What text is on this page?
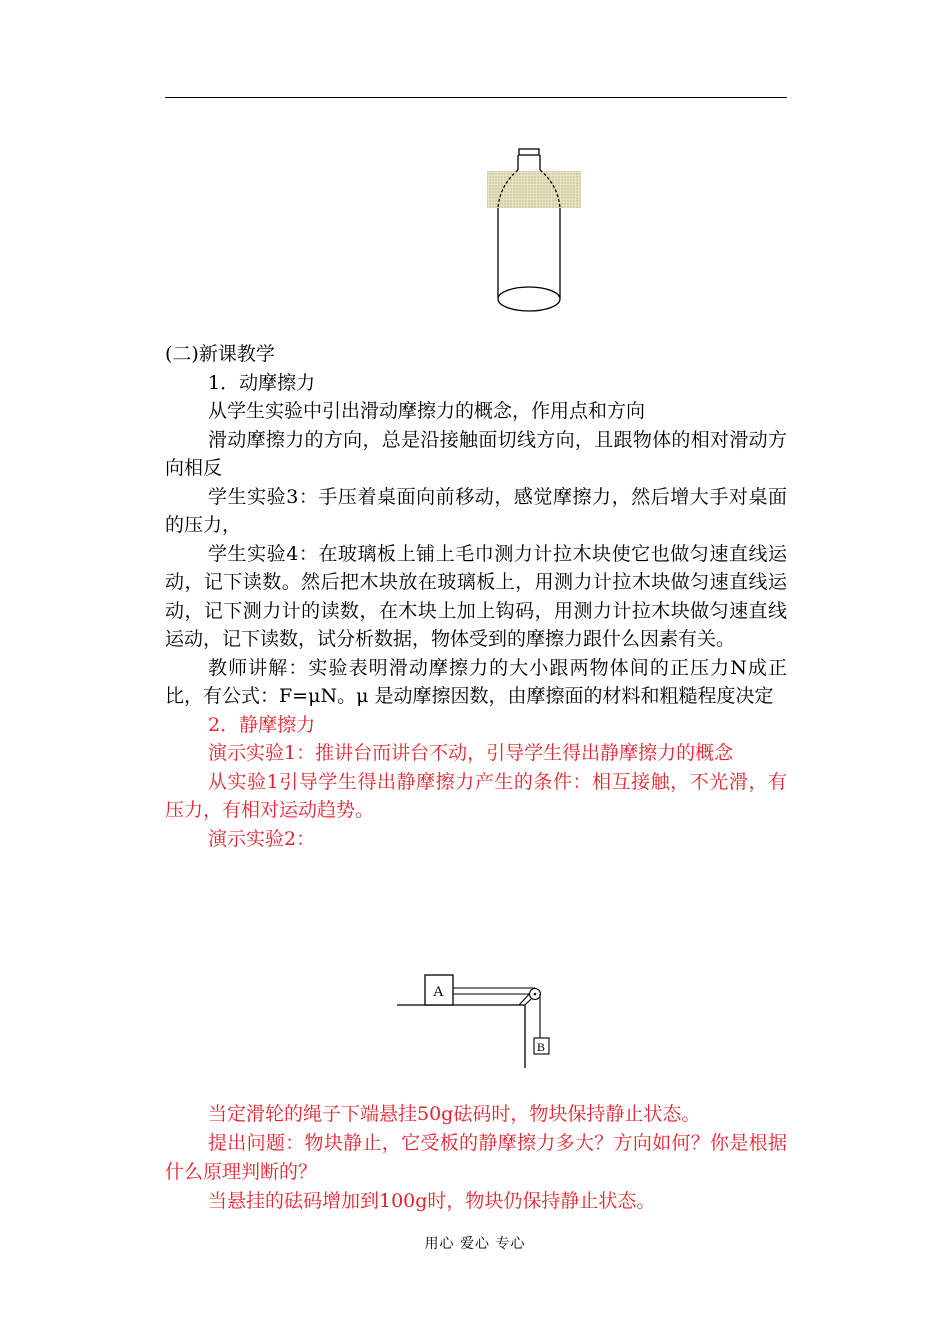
(二)新课教学

1．动摩擦力

从学生实验中引出滑动摩擦力的概念，作用点和方向

滑动摩擦力的方向，总是沿接触面切线方向，且跟物体的相对滑动方向相反

学生实验3：手压着桌面向前移动，感觉摩擦力，然后增大手对桌面的压力，

学生实验4：在玻璃板上铺上毛巾测力计拉木块使它也做匀速直线运动，记下读数。然后把木块放在玻璃板上，用测力计拉木块做匀速直线运动，记下测力计的读数，在木块上加上钩码，用测力计拉木块做匀速直线运动，记下读数，试分析数据，物体受到的摩擦力跟什么因素有关。

教师讲解：实验表明滑动摩擦力的大小跟两物体间的正压力N成正比，有公式：F=μN。μ 是动摩擦因数，由摩擦面的材料和粗糙程度决定

2．静摩擦力

演示实验1：推讲台而讲台不动，引导学生得出静摩擦力的概念

从实验1引导学生得出静摩擦力产生的条件：相互接触，不光滑，有压力，有相对运动趋势。

演示实验2：

A
B

当定滑轮的绳子下端悬挂50g砝码时，物块保持静止状态。

提出问题：物块静止，它受板的静摩擦力多大？方向如何？你是根据什么原理判断的？

当悬挂的砝码增加到100g时，物块仍保持静止状态。

用心 爱心 专心
